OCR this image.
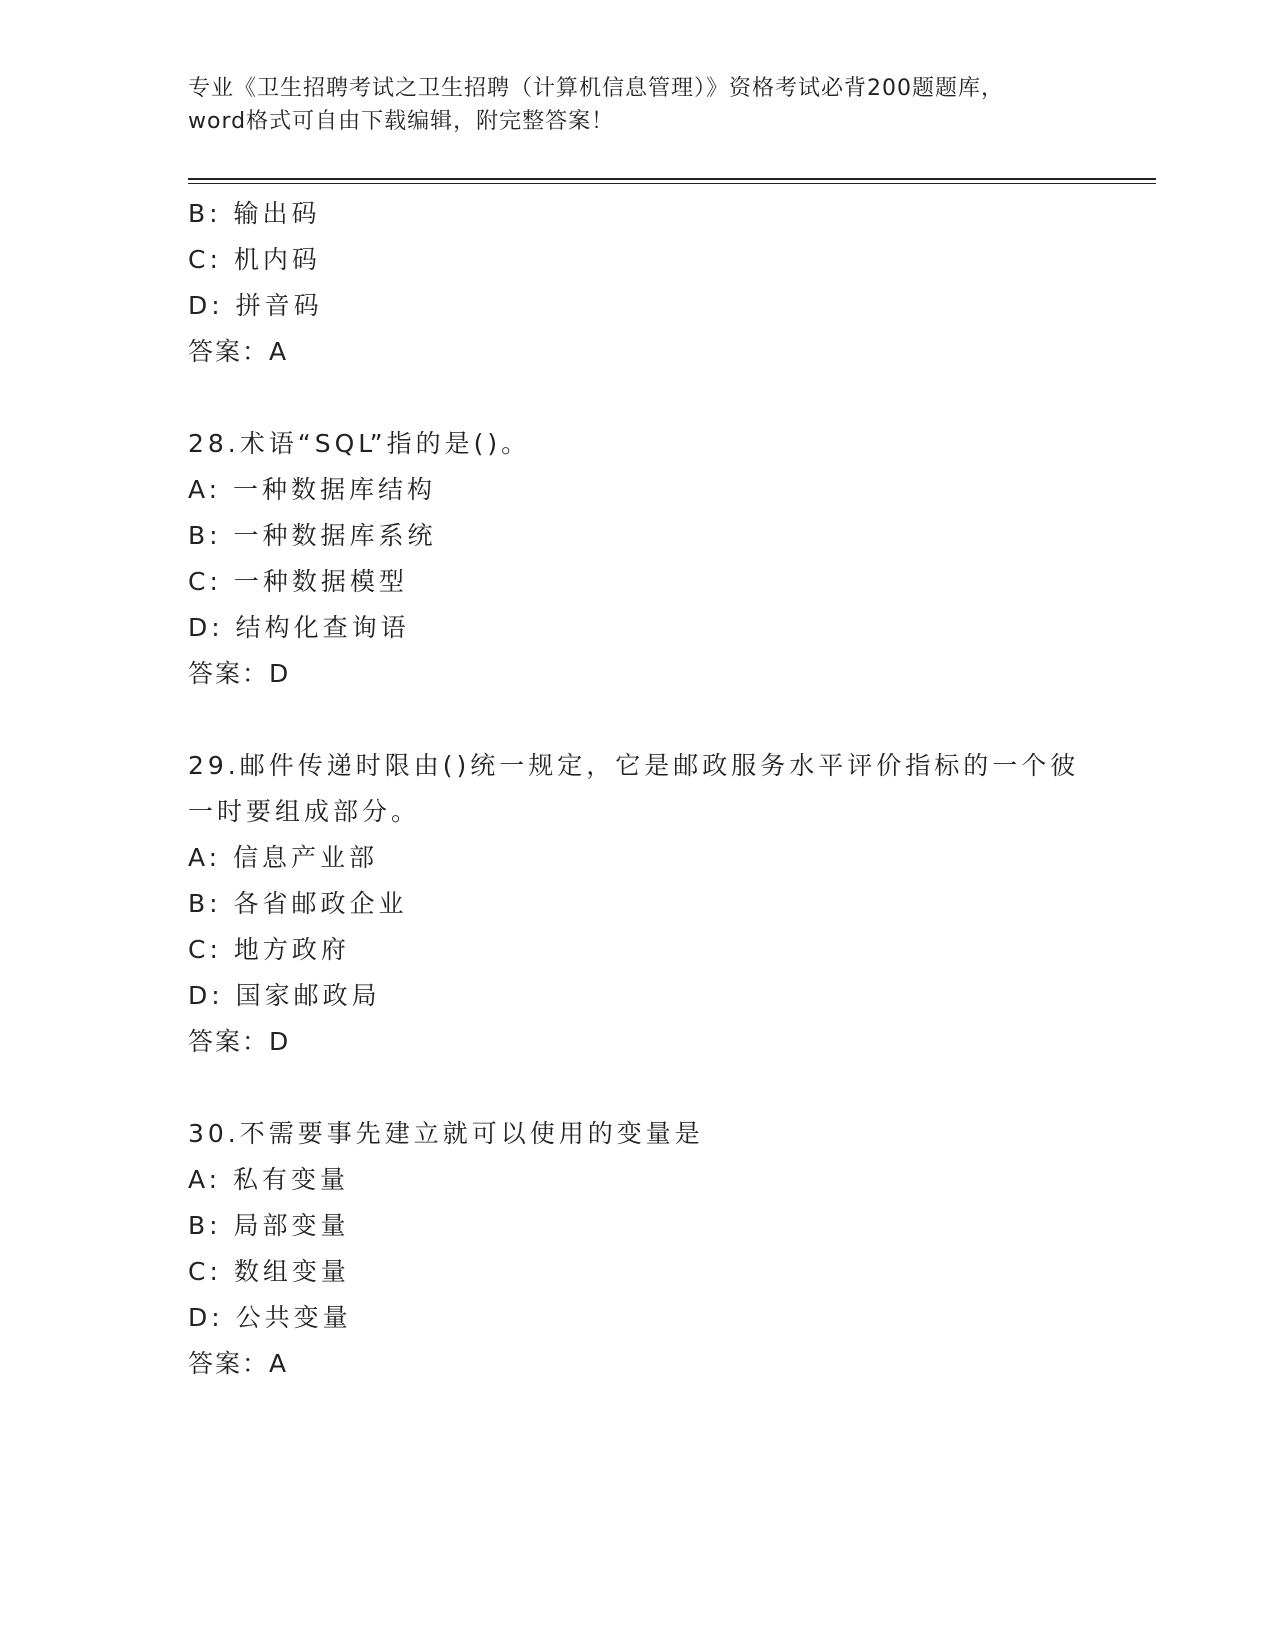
专业《卫生招聘考试之卫生招聘（计算机信息管理）》资格考试必背200题题库，
word格式可自由下载编辑，附完整答案！
B: 输出码
C: 机内码
D: 拼音码
答案：A
28.术语“SQL”指的是()。
A: 一种数据库结构
B: 一种数据库系统
C: 一种数据模型
D: 结构化查询语
答案：D
29.邮件传递时限由()统一规定，它是邮政服务水平评价指标的一个彼
一时要组成部分。
A: 信息产业部
B: 各省邮政企业
C: 地方政府
D: 国家邮政局
答案：D
30.不需要事先建立就可以使用的变量是
A: 私有变量
B: 局部变量
C: 数组变量
D: 公共变量
答案：A
